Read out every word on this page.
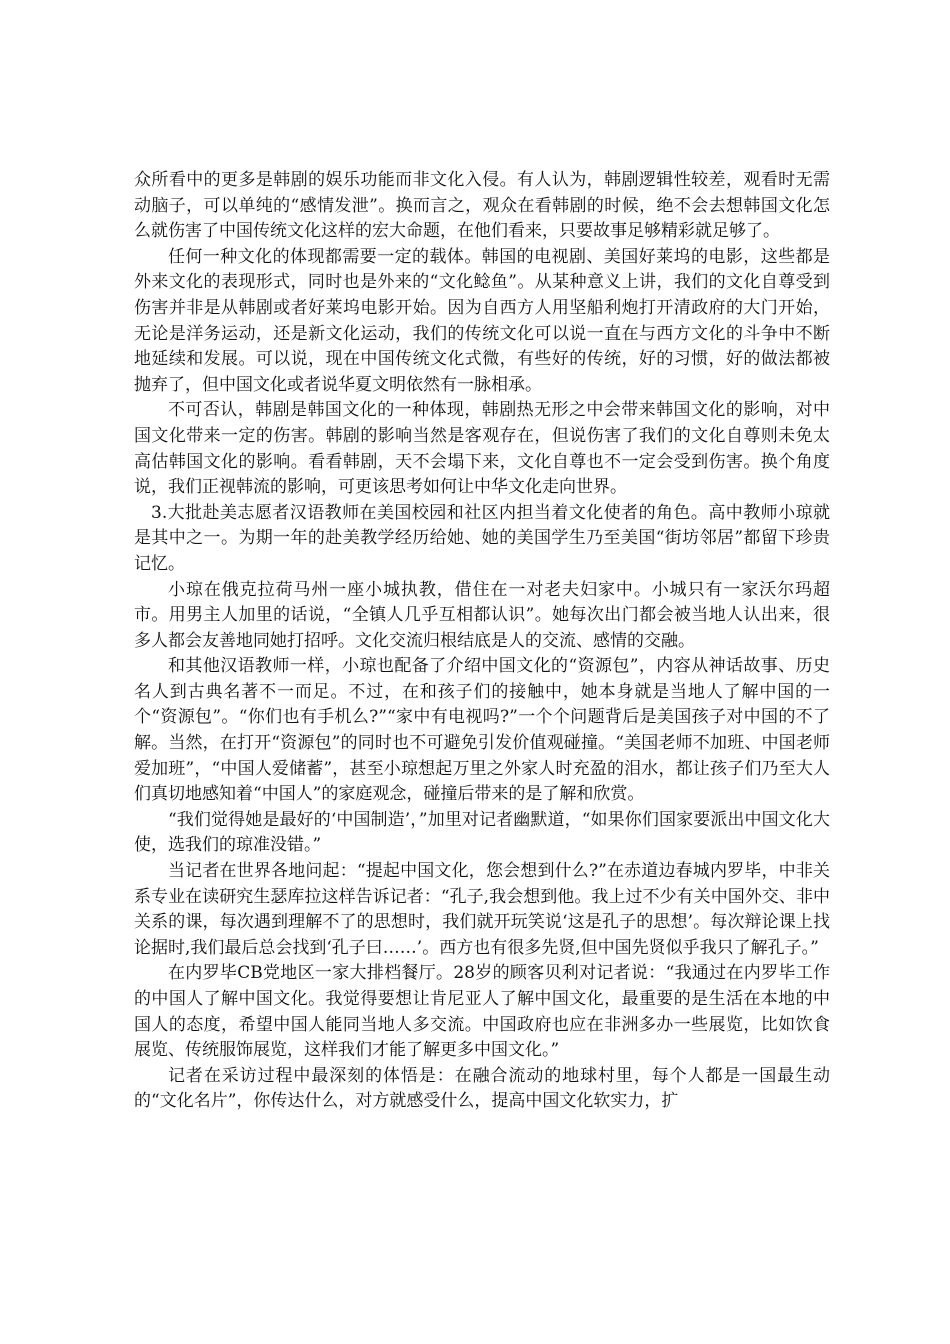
众所看中的更多是韩剧的娱乐功能而非文化入侵。有人认为，韩剧逻辑性较差，观看时无需动脑子，可以单纯的“感情发泄”。换而言之，观众在看韩剧的时候，绝不会去想韩国文化怎么就伤害了中国传统文化这样的宏大命题，在他们看来，只要故事足够精彩就足够了。

任何一种文化的体现都需要一定的载体。韩国的电视剧、美国好莱坞的电影，这些都是外来文化的表现形式，同时也是外来的“文化鲶鱼”。从某种意义上讲，我们的文化自尊受到伤害并非是从韩剧或者好莱坞电影开始。因为自西方人用坚船利炮打开清政府的大门开始，无论是洋务运动，还是新文化运动，我们的传统文化可以说一直在与西方文化的斗争中不断地延续和发展。可以说，现在中国传统文化式微，有些好的传统，好的习惯，好的做法都被抛弃了，但中国文化或者说华夏文明依然有一脉相承。

不可否认，韩剧是韩国文化的一种体现，韩剧热无形之中会带来韩国文化的影响，对中国文化带来一定的伤害。韩剧的影响当然是客观存在，但说伤害了我们的文化自尊则未免太高估韩国文化的影响。看看韩剧，天不会塌下来，文化自尊也不一定会受到伤害。换个角度说，我们正视韩流的影响，可更该思考如何让中华文化走向世界。

3.大批赴美志愿者汉语教师在美国校园和社区内担当着文化使者的角色。高中教师小琼就是其中之一。为期一年的赴美教学经历给她、她的美国学生乃至美国“街坊邻居”都留下珍贵记忆。

小琼在俄克拉荷马州一座小城执教，借住在一对老夫妇家中。小城只有一家沃尔玛超市。用男主人加里的话说，“全镇人几乎互相都认识”。她每次出门都会被当地人认出来，很多人都会友善地同她打招呼。文化交流归根结底是人的交流、感情的交融。

和其他汉语教师一样，小琼也配备了介绍中国文化的“资源包”，内容从神话故事、历史名人到古典名著不一而足。不过，在和孩子们的接触中，她本身就是当地人了解中国的一个“资源包”。“你们也有手机么?”“家中有电视吗?”一个个问题背后是美国孩子对中国的不了解。当然，在打开“资源包”的同时也不可避免引发价值观碰撞。“美国老师不加班、中国老师爱加班”，“中国人爱储蓄”，甚至小琼想起万里之外家人时充盈的泪水，都让孩子们乃至大人们真切地感知着“中国人”的家庭观念，碰撞后带来的是了解和欣赏。

“我们觉得她是最好的‘中国制造’，”加里对记者幽默道，“如果你们国家要派出中国文化大使，选我们的琼准没错。”

当记者在世界各地问起：“提起中国文化，您会想到什么?”在赤道边春城内罗毕，中非关系专业在读研究生瑟库拉这样告诉记者：“孔子,我会想到他。我上过不少有关中国外交、非中关系的课，每次遇到理解不了的思想时，我们就开玩笑说‘这是孔子的思想’。每次辩论课上找论据时,我们最后总会找到‘孔子曰……’。西方也有很多先贤,但中国先贤似乎我只了解孔子。”

在内罗毕CB党地区一家大排档餐厅。28岁的顾客贝利对记者说：“我通过在内罗毕工作的中国人了解中国文化。我觉得要想让肯尼亚人了解中国文化，最重要的是生活在本地的中国人的态度，希望中国人能同当地人多交流。中国政府也应在非洲多办一些展览，比如饮食展览、传统服饰展览，这样我们才能了解更多中国文化。”

记者在采访过程中最深刻的体悟是：在融合流动的地球村里，每个人都是一国最生动的“文化名片”，你传达什么，对方就感受什么，提高中国文化软实力，扩
